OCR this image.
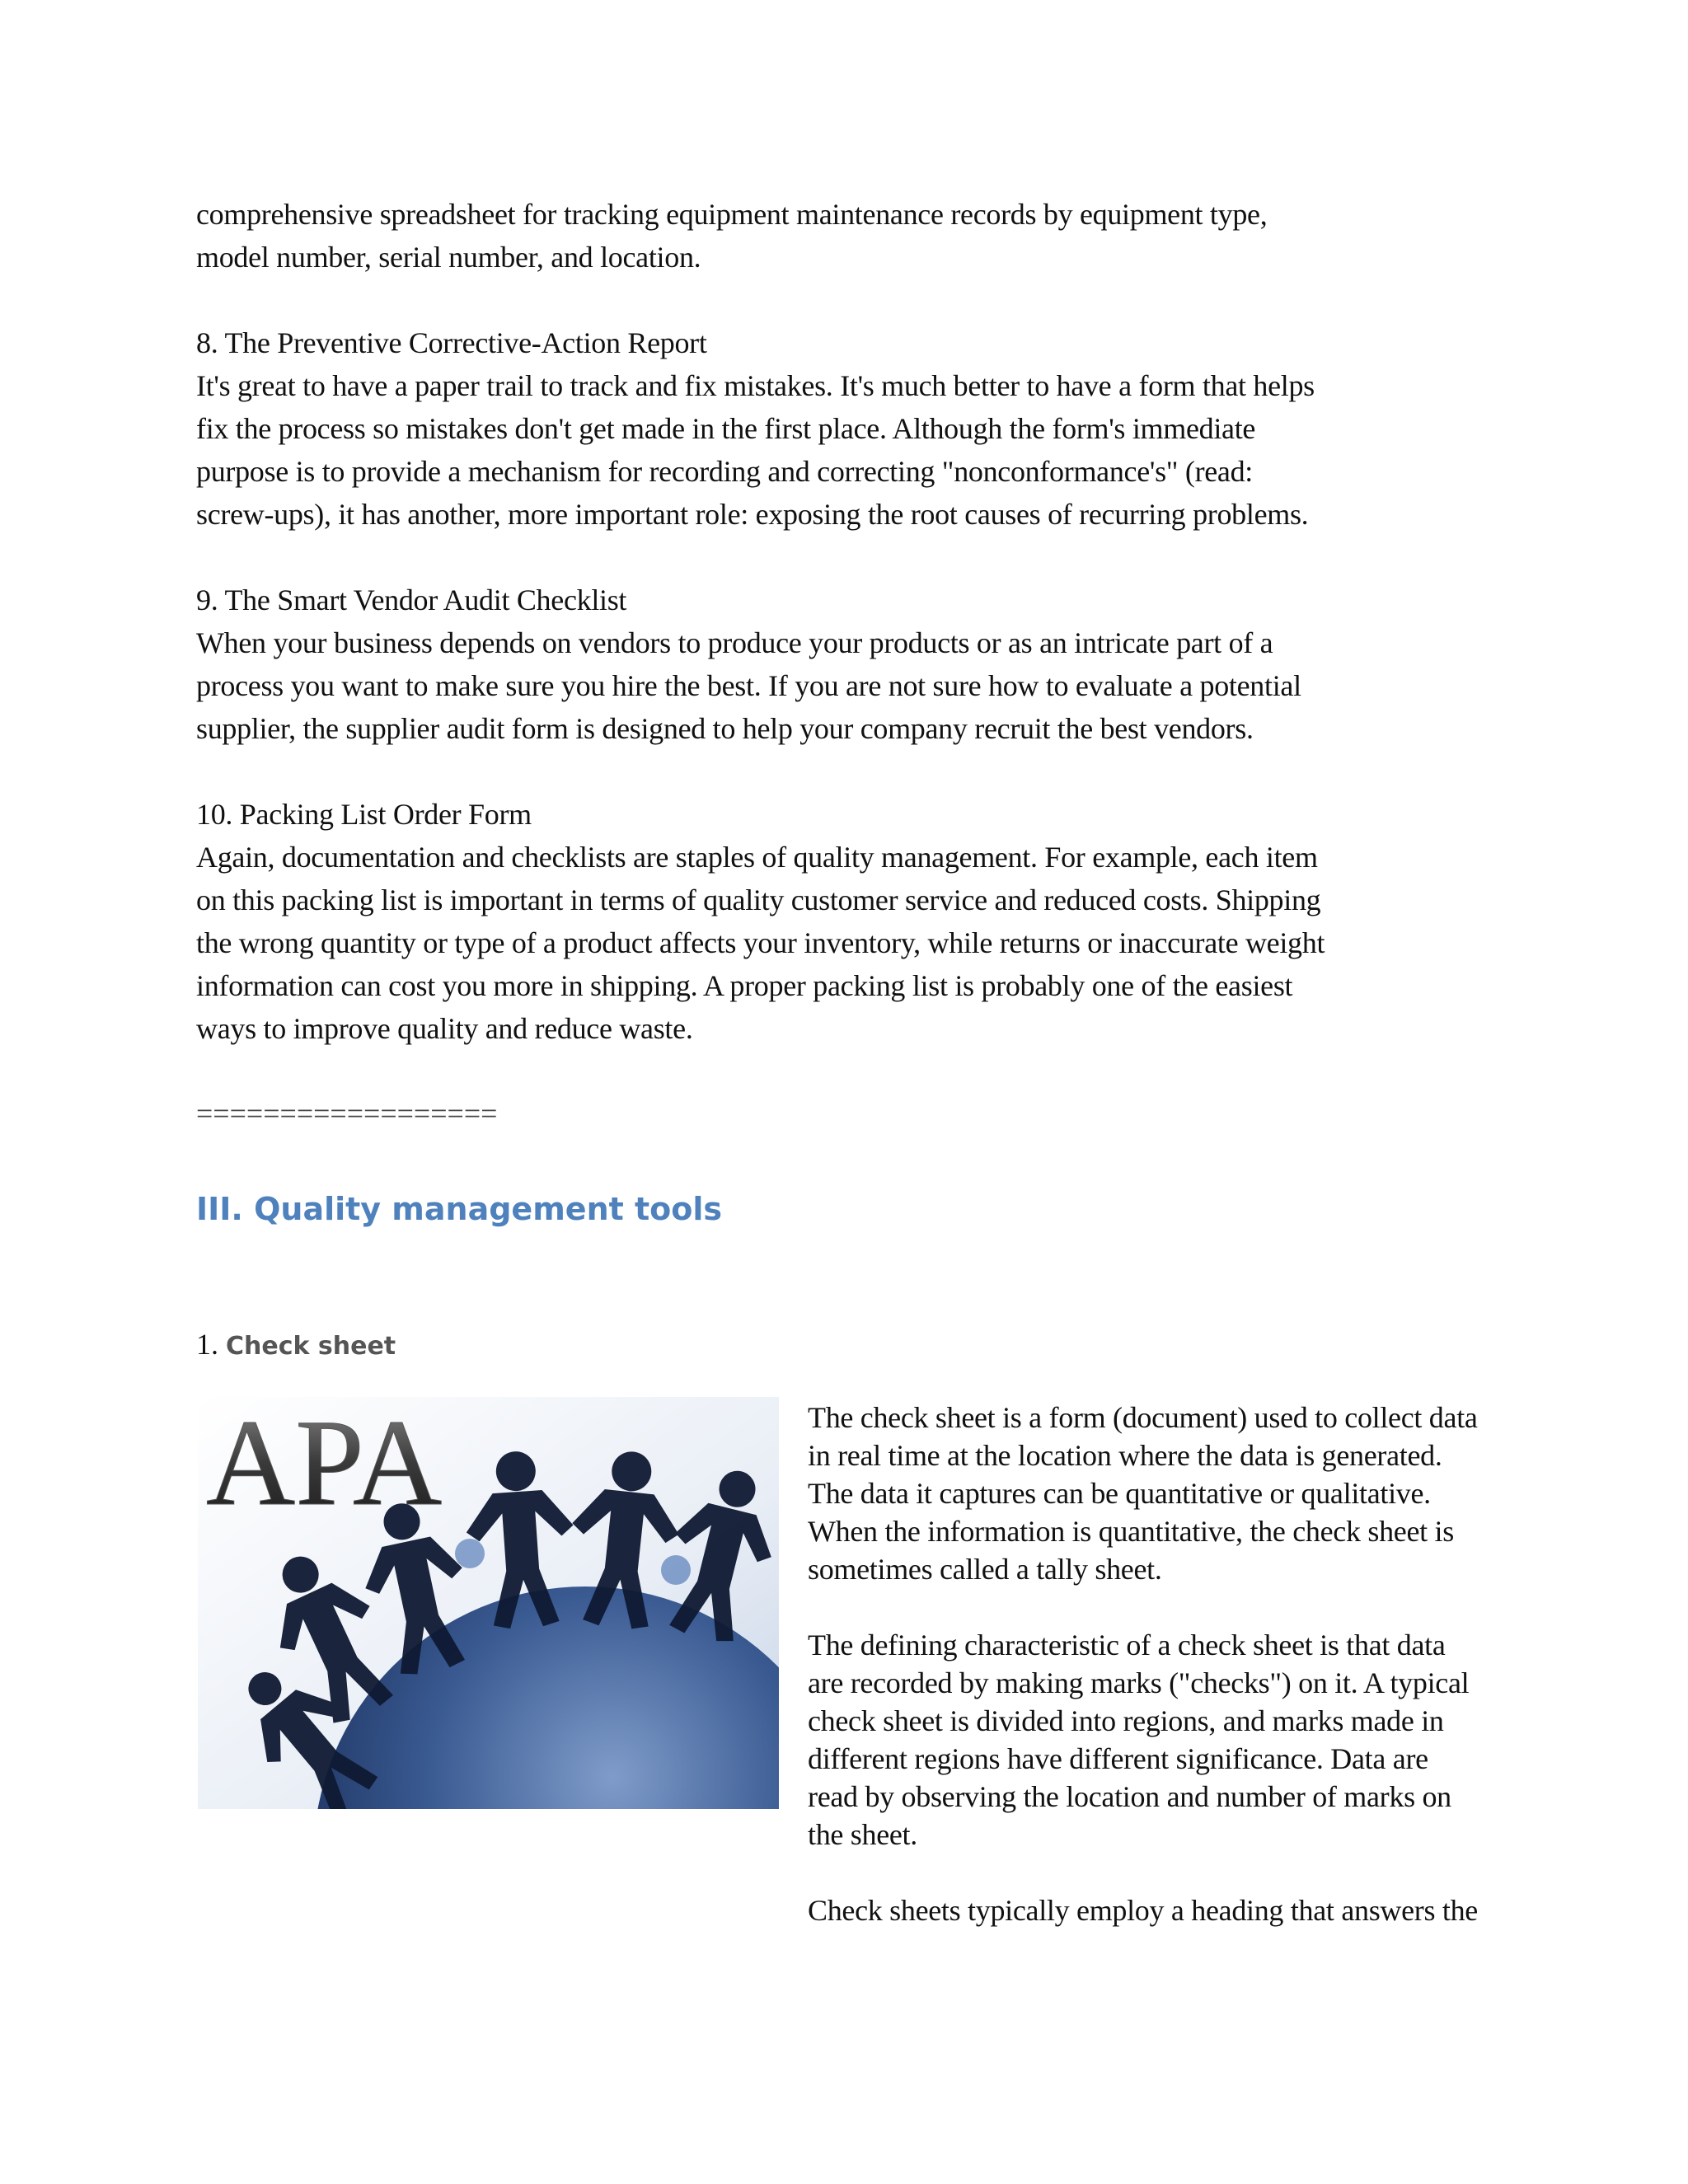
comprehensive spreadsheet for tracking equipment maintenance records by equipment type,

model number, serial number, and location.

8. The Preventive Corrective-Action Report

It's great to have a paper trail to track and fix mistakes. It's much better to have a form that helps

fix the process so mistakes don't get made in the first place. Although the form's immediate

purpose is to provide a mechanism for recording and correcting "nonconformance's" (read:

screw-ups), it has another, more important role: exposing the root causes of recurring problems.

9. The Smart Vendor Audit Checklist

When your business depends on vendors to produce your products or as an intricate part of a

process you want to make sure you hire the best. If you are not sure how to evaluate a potential

supplier, the supplier audit form is designed to help your company recruit the best vendors.

10. Packing List Order Form

Again, documentation and checklists are staples of quality management. For example, each item

on this packing list is important in terms of quality customer service and reduced costs. Shipping

the wrong quantity or type of a product affects your inventory, while returns or inaccurate weight

information can cost you more in shipping. A proper packing list is probably one of the easiest

ways to improve quality and reduce waste.

==================
III. Quality management tools

1. Check sheet

APA	The check sheet is a form (document) used to collect data

in real time at the location where the data is generated.

The data it captures can be quantitative or qualitative.

When the information is quantitative, the check sheet is

sometimes called a tally sheet.

The defining characteristic of a check sheet is that data

are recorded by making marks ("checks") on it. A typical

check sheet is divided into regions, and marks made in

different regions have different significance. Data are

read by observing the location and number of marks on

the sheet.

Check sheets typically employ a heading that answers the
